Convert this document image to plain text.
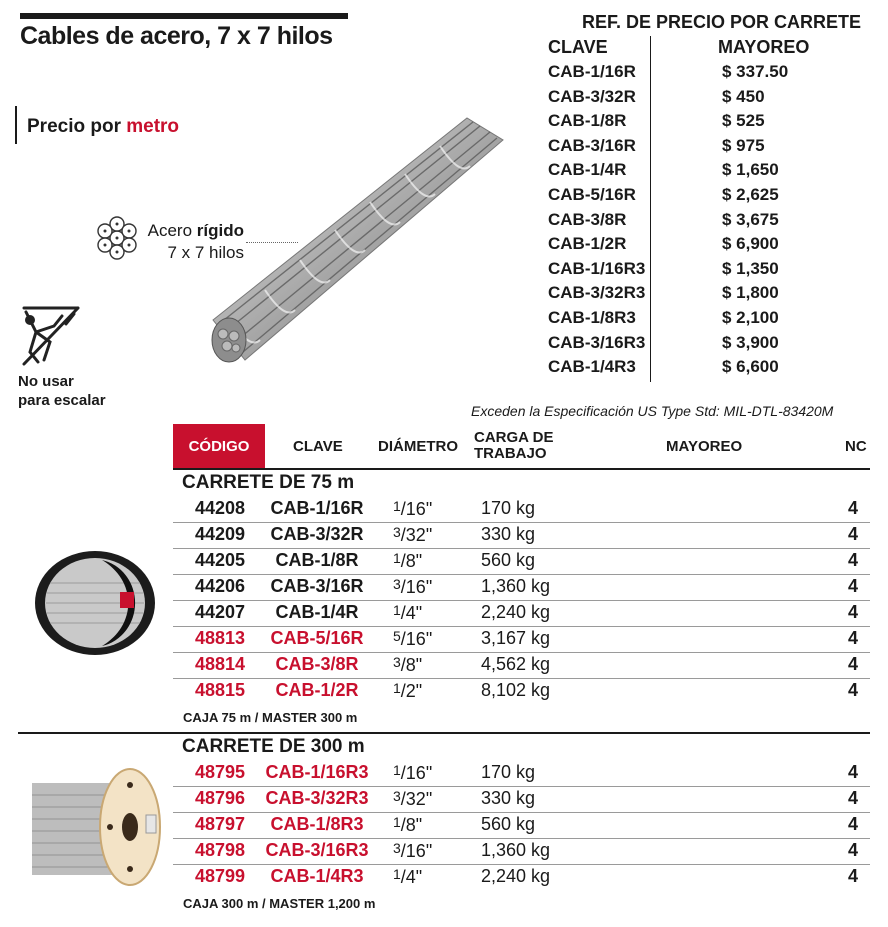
Cables de acero, 7 x 7 hilos
Precio por metro
Acero rígido
7 x 7 hilos
No usar
para escalar
REF. DE PRECIO POR CARRETE
CLAVE	MAYOREO
CAB-1/16R	$ 337.50
CAB-3/32R	$ 450
CAB-1/8R	$ 525
CAB-3/16R	$ 975
CAB-1/4R	$ 1,650
CAB-5/16R	$ 2,625
CAB-3/8R	$ 3,675
CAB-1/2R	$ 6,900
CAB-1/16R3	$ 1,350
CAB-3/32R3	$ 1,800
CAB-1/8R3	$ 2,100
CAB-3/16R3	$ 3,900
CAB-1/4R3	$ 6,600
Exceden la Especificación US Type Std: MIL-DTL-83420M
CÓDIGO	CLAVE DIÁMETRO
CARGA DE
TRABAJO	MAYOREO	NC
CARRETE DE 75 m
44208	CAB-1/16R	$^1$/16"	170 kg	4
44209	CAB-3/32R	$^3$/32"	330 kg	4
44205	CAB-1/8R	$^1$/8"	560 kg	4
44206	CAB-3/16R	$^3$/16"	1,360 kg	4
44207	CAB-1/4R	$^1$/4"	2,240 kg	4
48813	CAB-5/16R	$^5$/16"	3,167 kg	4
48814	CAB-3/8R	$^3$/8"	4,562 kg	4
48815	CAB-1/2R	$^1$/2"	8,102 kg	4
CAJA 75 m / MASTER 300 m
CARRETE DE 300 m
48795	CAB-1/16R3	$^1$/16"	170 kg	4
48796	CAB-3/32R3	$^3$/32"	330 kg	4
48797	CAB-1/8R3	$^1$/8"	560 kg	4
48798	CAB-3/16R3	$^3$/16"	1,360 kg	4
48799	CAB-1/4R3	$^1$/4"	2,240 kg	4
CAJA 300 m / MASTER 1,200 m
